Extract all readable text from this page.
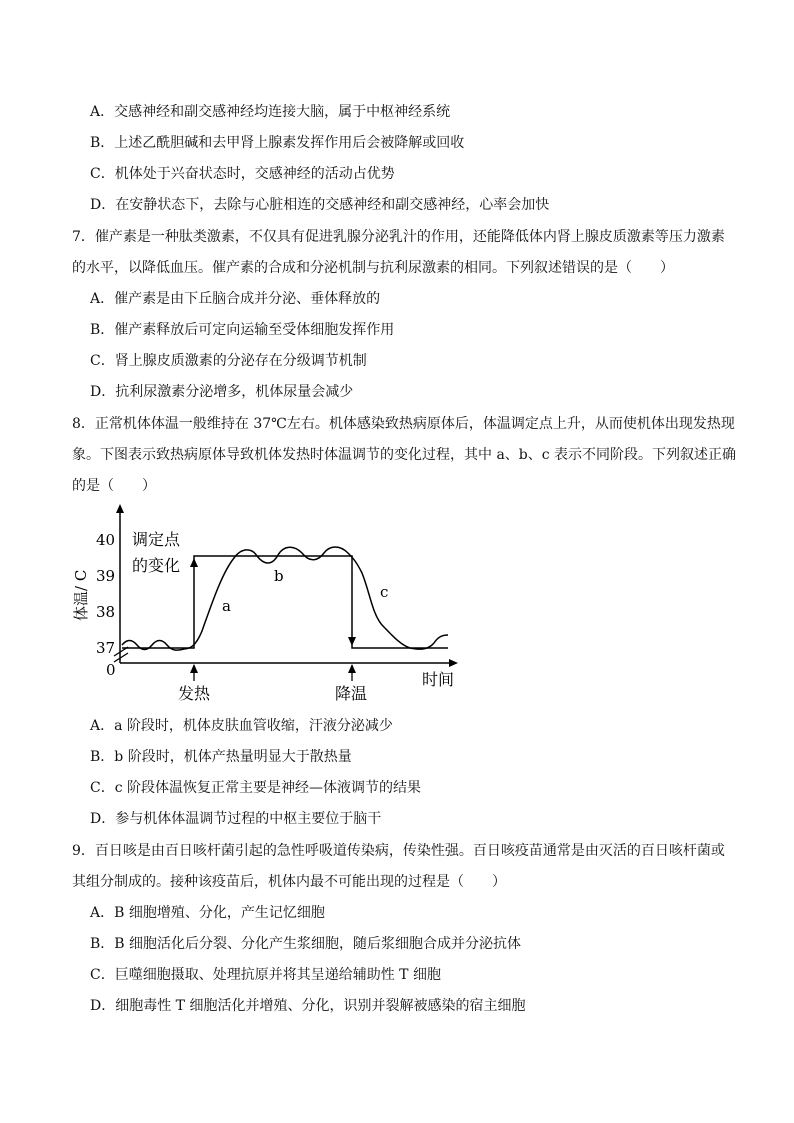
A．交感神经和副交感神经均连接大脑，属于中枢神经系统
B．上述乙酰胆碱和去甲肾上腺素发挥作用后会被降解或回收
C．机体处于兴奋状态时，交感神经的活动占优势
D．在安静状态下，去除与心脏相连的交感神经和副交感神经，心率会加快
7．催产素是一种肽类激素，不仅具有促进乳腺分泌乳汁的作用，还能降低体内肾上腺皮质激素等压力激素
的水平，以降低血压。催产素的合成和分泌机制与抗利尿激素的相同。下列叙述错误的是（　　）
A．催产素是由下丘脑合成并分泌、垂体释放的
B．催产素释放后可定向运输至受体细胞发挥作用
C．肾上腺皮质激素的分泌存在分级调节机制
D．抗利尿激素分泌增多，机体尿量会减少
8．正常机体体温一般维持在 37℃左右。机体感染致热病原体后，体温调定点上升，从而使机体出现发热现
象。下图表示致热病原体导致机体发热时体温调节的变化过程，其中 a、b、c 表示不同阶段。下列叙述正确
的是（　　）
40
39
38
37
0
体温/ C
调定点
的变化
a
b
c
发热	降温
时间
A．a 阶段时，机体皮肤血管收缩，汗液分泌减少
B．b 阶段时，机体产热量明显大于散热量
C．c 阶段体温恢复正常主要是神经—体液调节的结果
D．参与机体体温调节过程的中枢主要位于脑干
9．百日咳是由百日咳杆菌引起的急性呼吸道传染病，传染性强。百日咳疫苗通常是由灭活的百日咳杆菌或
其组分制成的。接种该疫苗后，机体内最不可能出现的过程是（　　）
A．B 细胞增殖、分化，产生记忆细胞
B．B 细胞活化后分裂、分化产生浆细胞，随后浆细胞合成并分泌抗体
C．巨噬细胞摄取、处理抗原并将其呈递给辅助性 T 细胞
D．细胞毒性 T 细胞活化并增殖、分化，识别并裂解被感染的宿主细胞
